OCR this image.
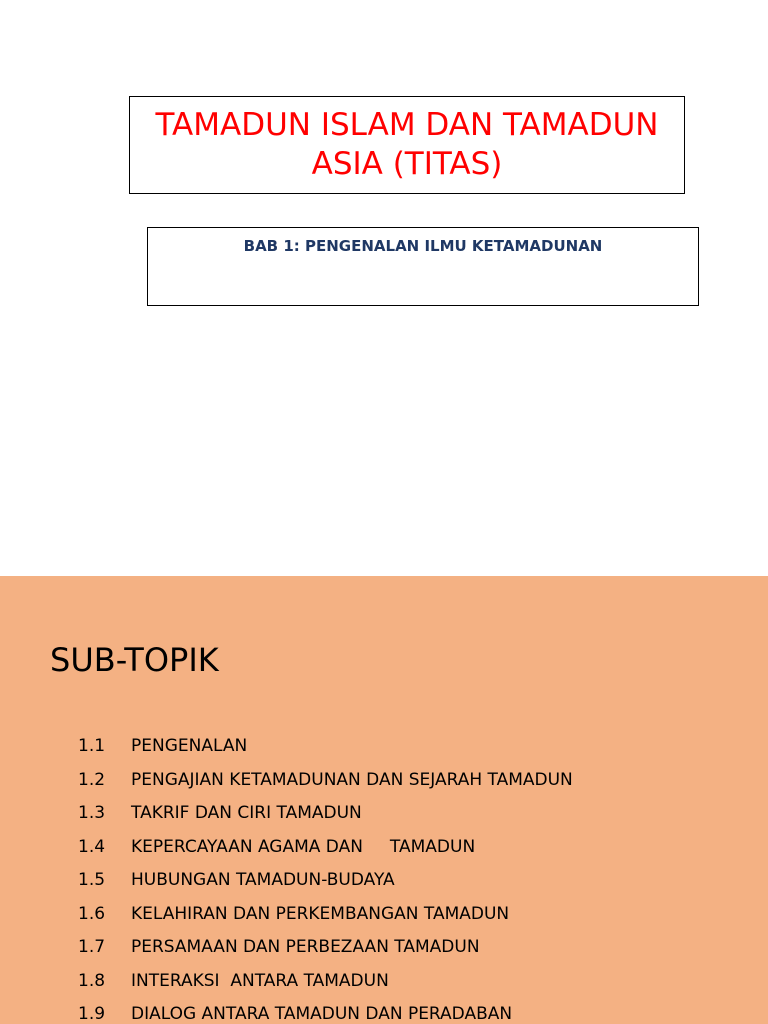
TAMADUN ISLAM DAN TAMADUN
ASIA (TITAS)
BAB 1: PENGENALAN ILMU KETAMADUNAN
SUB-TOPIK
1.1	PENGENALAN
1.2	PENGAJIAN KETAMADUNAN DAN SEJARAH TAMADUN
1.3	TAKRIF DAN CIRI TAMADUN
1.4	KEPERCAYAAN AGAMA DAN     TAMADUN
1.5	HUBUNGAN TAMADUN-BUDAYA
1.6	KELAHIRAN DAN PERKEMBANGAN TAMADUN
1.7	PERSAMAAN DAN PERBEZAAN TAMADUN
1.8	INTERAKSI  ANTARA TAMADUN
1.9	DIALOG ANTARA TAMADUN DAN PERADABAN
